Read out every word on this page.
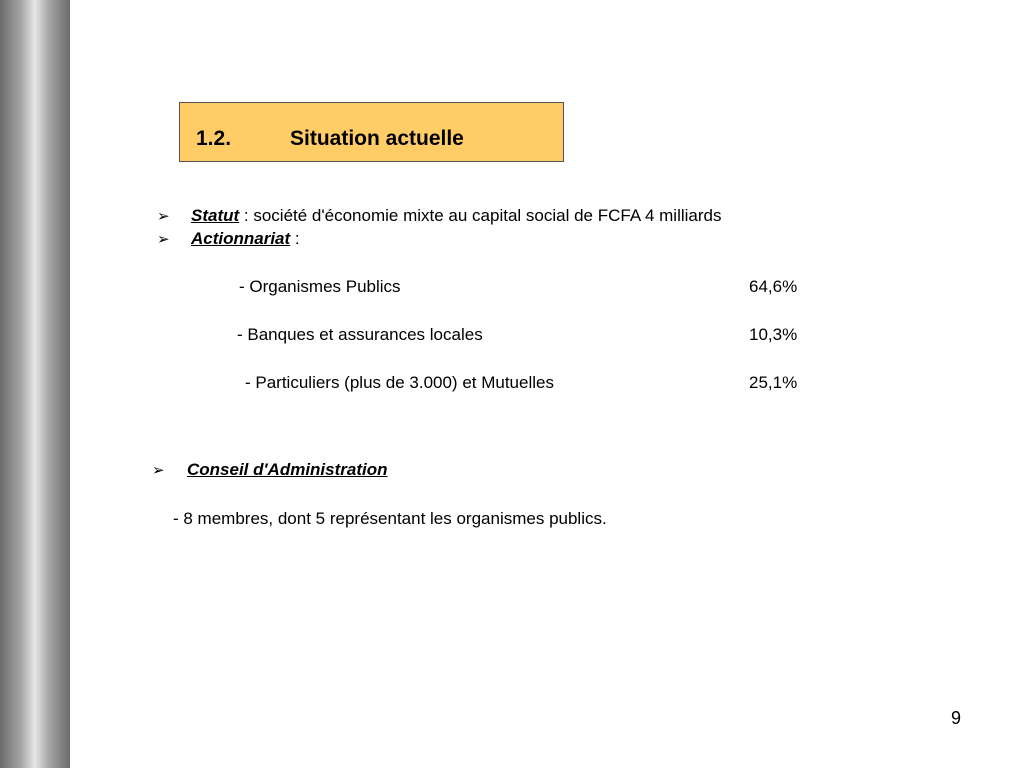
1.2.	Situation actuelle
➢ Statut : société d'économie mixte au capital social de FCFA 4 milliards
➢ Actionnariat :
- Organismes Publics	64,6%
- Banques et assurances locales	10,3%
- Particuliers (plus de 3.000) et Mutuelles	25,1%
➢ Conseil d'Administration
- 8 membres, dont 5 représentant les organismes publics.
9
